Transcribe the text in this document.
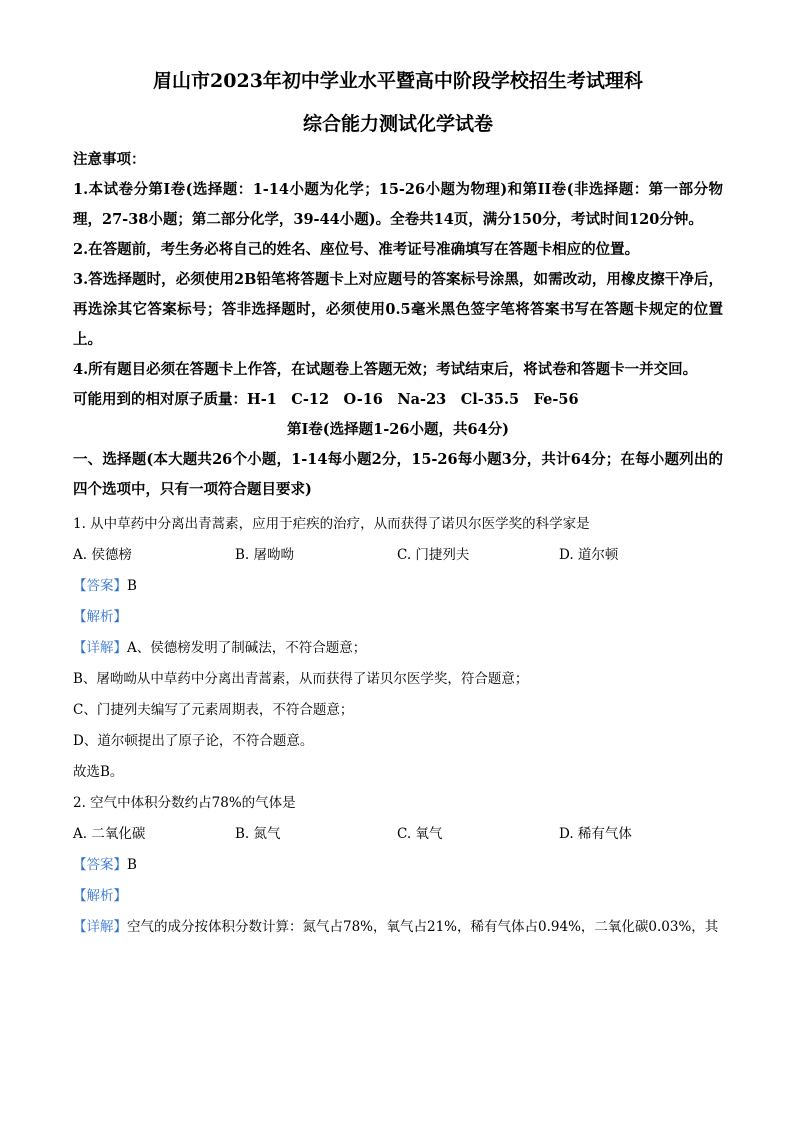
眉山市2023年初中学业水平暨高中阶段学校招生考试理科

综合能力测试化学试卷

注意事项：

1.本试卷分第I卷(选择题：1-14小题为化学；15-26小题为物理)和第II卷(非选择题：第一部分物理，27-38小题；第二部分化学，39-44小题)。全卷共14页，满分150分，考试时间120分钟。

2.在答题前，考生务必将自己的姓名、座位号、准考证号准确填写在答题卡相应的位置。

3.答选择题时，必须使用2B铅笔将答题卡上对应题号的答案标号涂黑，如需改动，用橡皮擦干净后，再选涂其它答案标号；答非选择题时，必须使用0.5毫米黑色签字笔将答案书写在答题卡规定的位置上。

4.所有题目必须在答题卡上作答，在试题卷上答题无效；考试结束后，将试卷和答题卡一并交回。

可能用到的相对原子质量：H-1　C-12　O-16　Na-23　Cl-35.5　Fe-56

第I卷(选择题1-26小题，共64分)

一、选择题(本大题共26个小题，1-14每小题2分，15-26每小题3分，共计64分；在每小题列出的四个选项中，只有一项符合题目要求)

1. 从中草药中分离出青蒿素，应用于疟疾的治疗，从而获得了诺贝尔医学奖的科学家是

A. 侯德榜	B. 屠呦呦	C. 门捷列夫	D. 道尔顿

【答案】B

【解析】

【详解】A、侯德榜发明了制碱法，不符合题意；

B、屠呦呦从中草药中分离出青蒿素，从而获得了诺贝尔医学奖，符合题意；

C、门捷列夫编写了元素周期表，不符合题意；

D、道尔顿提出了原子论，不符合题意。

故选B。

2. 空气中体积分数约占78%的气体是

A. 二氧化碳	B. 氮气	C. 氧气	D. 稀有气体

【答案】B

【解析】

【详解】空气的成分按体积分数计算：氮气占78%，氧气占21%，稀有气体占0.94%，二氧化碳0.03%，其
